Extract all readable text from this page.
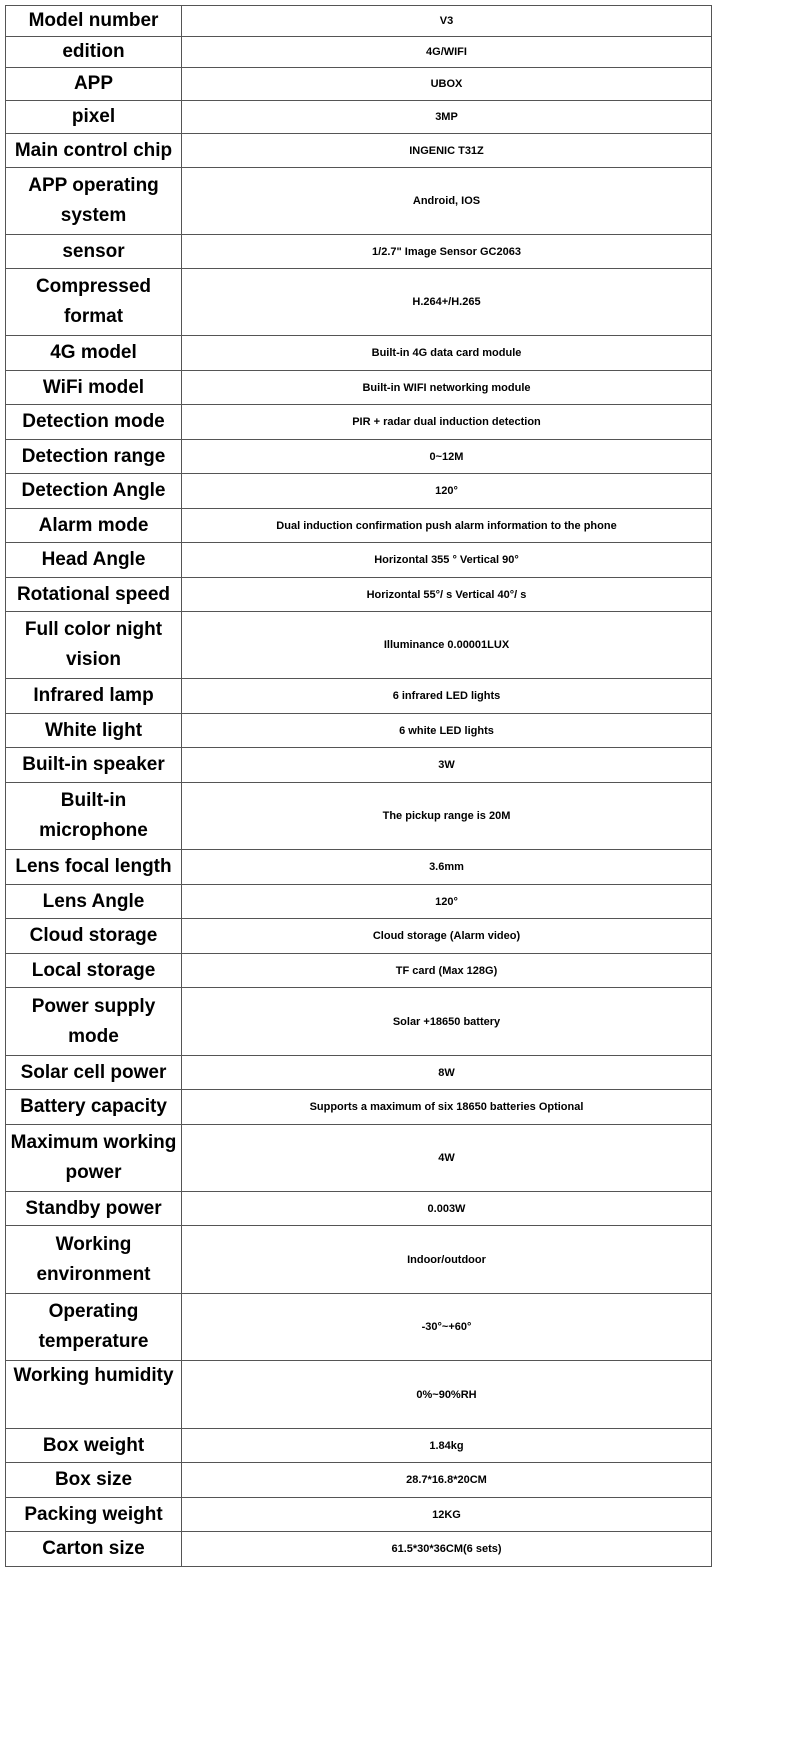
Model number	V3
edition	4G/WIFI
APP	UBOX
pixel	3MP
Main control chip	INGENIC T31Z
APP operating system	Android, IOS
sensor	1/2.7" Image Sensor GC2063
Compressed format	H.264+/H.265
4G model	Built-in 4G data card module
WiFi model	Built-in WIFI networking module
Detection mode	PIR + radar dual induction detection
Detection range	0~12M
Detection Angle	120°
Alarm mode	Dual induction confirmation push alarm information to the phone
Head Angle	Horizontal 355 ° Vertical 90°
Rotational speed	Horizontal 55°/ s Vertical 40°/ s
Full color night vision	Illuminance 0.00001LUX
Infrared lamp	6 infrared LED lights
White light	6 white LED lights
Built-in speaker	3W
Built-in microphone	The pickup range is 20M
Lens focal length	3.6mm
Lens Angle	120°
Cloud storage	Cloud storage (Alarm video)
Local storage	TF card (Max 128G)
Power supply mode	Solar +18650 battery
Solar cell power	8W
Battery capacity	Supports a maximum of six 18650 batteries Optional
Maximum working power	4W
Standby power	0.003W
Working environment	Indoor/outdoor
Operating temperature	-30°~+60°
Working humidity	0%~90%RH
Box weight	1.84kg
Box size	28.7*16.8*20CM
Packing weight	12KG
Carton size	61.5*30*36CM(6 sets)
